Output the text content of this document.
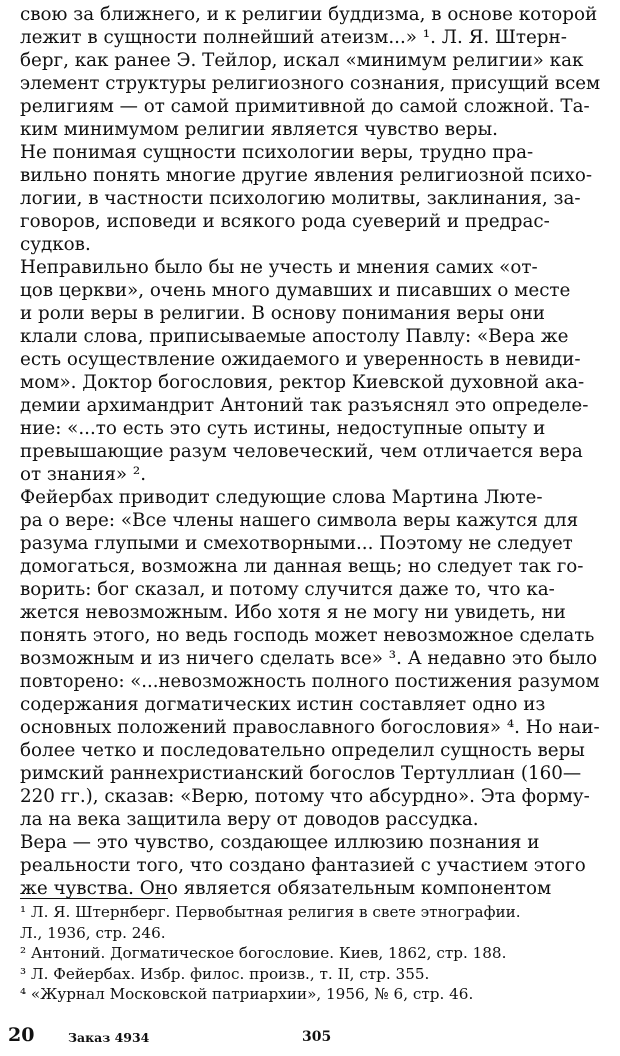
свою за ближнего, и к религии буддизма, в основе которой
лежит в сущности полнейший атеизм...» ¹. Л. Я. Штерн-
берг, как ранее Э. Тейлор, искал «минимум религии» как
элемент структуры религиозного сознания, присущий всем
религиям — от самой примитивной до самой сложной. Та-
ким минимумом религии является чувство веры.
Не понимая сущности психологии веры, трудно пра-
вильно понять многие другие явления религиозной психо-
логии, в частности психологию молитвы, заклинания, за-
говоров, исповеди и всякого рода суеверий и предрас-
судков.
Неправильно было бы не учесть и мнения самих «от-
цов церкви», очень много думавших и писавших о месте
и роли веры в религии. В основу понимания веры они
клали слова, приписываемые апостолу Павлу: «Вера же
есть осуществление ожидаемого и уверенность в невиди-
мом». Доктор богословия, ректор Киевской духовной ака-
демии архимандрит Антоний так разъяснял это определе-
ние: «...то есть это суть истины, недоступные опыту и
превышающие разум человеческий, чем отличается вера
от знания» ².
Фейербах приводит следующие слова Мартина Люте-
ра о вере: «Все члены нашего символа веры кажутся для
разума глупыми и смехотворными... Поэтому не следует
домогаться, возможна ли данная вещь; но следует так го-
ворить: бог сказал, и потому случится даже то, что ка-
жется невозможным. Ибо хотя я не могу ни увидеть, ни
понять этого, но ведь господь может невозможное сделать
возможным и из ничего сделать все» ³. А недавно это было
повторено: «...невозможность полного постижения разумом
содержания догматических истин составляет одно из
основных положений православного богословия» ⁴. Но наи-
более четко и последовательно определил сущность веры
римский раннехристианский богослов Тертуллиан (160—
220 гг.), сказав: «Верю, потому что абсурдно». Эта форму-
ла на века защитила веру от доводов рассудка.
Вера — это чувство, создающее иллюзию познания и
реальности того, что создано фантазией с участием этого
же чувства. Оно является обязательным компонентом
¹ Л. Я. Штернберг. Первобытная религия в свете этнографии.
Л., 1936, стр. 246.
² Антоний. Догматическое богословие. Киев, 1862, стр. 188.
³ Л. Фейербах. Избр. филос. произв., т. II, стр. 355.
⁴ «Журнал Московской патриархии», 1956, № 6, стр. 46.
20	Заказ 4934	305
